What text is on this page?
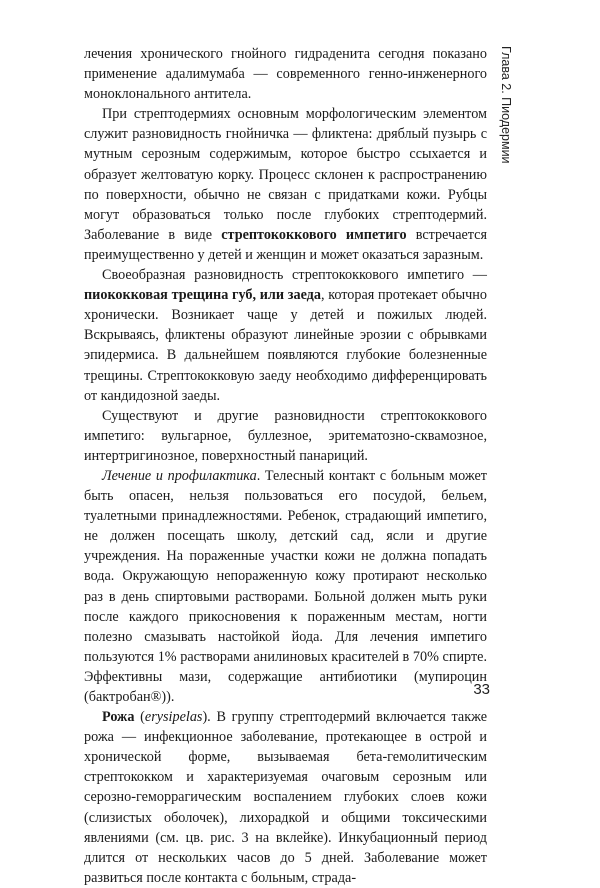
лечения хронического гнойного гидраденита сегодня показано применение адалимумаба — современного генно-инженерного моноклонального антитела.

При стрептодермиях основным морфологическим элементом служит разновидность гнойничка — фликтена: дряблый пузырь с мутным серозным содержимым, которое быстро ссыхается и образует желтоватую корку. Процесс склонен к распространению по поверхности, обычно не связан с придатками кожи. Рубцы могут образоваться только после глубоких стрептодермий. Заболевание в виде стрептококкового импетиго встречается преимущественно у детей и женщин и может оказаться заразным.

Своеобразная разновидность стрептококкового импетиго — пиококковая трещина губ, или заеда, которая протекает обычно хронически. Возникает чаще у детей и пожилых людей. Вскрываясь, фликтены образуют линейные эрозии с обрывками эпидермиса. В дальнейшем появляются глубокие болезненные трещины. Стрептококковую заеду необходимо дифференцировать от кандидозной заеды.

Существуют и другие разновидности стрептококкового импетиго: вульгарное, буллезное, эритематозно-сквамозное, интертригинозное, поверхностный панариций.

Лечение и профилактика. Телесный контакт с больным может быть опасен, нельзя пользоваться его посудой, бельем, туалетными принадлежностями. Ребенок, страдающий импетиго, не должен посещать школу, детский сад, ясли и другие учреждения. На пораженные участки кожи не должна попадать вода. Окружающую непораженную кожу протирают несколько раз в день спиртовыми растворами. Больной должен мыть руки после каждого прикосновения к пораженным местам, ногти полезно смазывать настойкой йода. Для лечения импетиго пользуются 1% растворами анилиновых красителей в 70% спирте. Эффективны мази, содержащие антибиотики (мупироцин (бактробан®)).

Рожа (erysipelas). В группу стрептодермий включается также рожа — инфекционное заболевание, протекающее в острой и хронической форме, вызываемая бета-гемолитическим стрептококком и характеризуемая очаговым серозным или серозно-геморрагическим воспалением глубоких слоев кожи (слизистых оболочек), лихорадкой и общими токсическими явлениями (см. цв. рис. 3 на вклейке). Инкубационный период длится от нескольких часов до 5 дней. Заболевание может развиться после контакта с больным, страда-

Глава 2. Пиодермии
33
